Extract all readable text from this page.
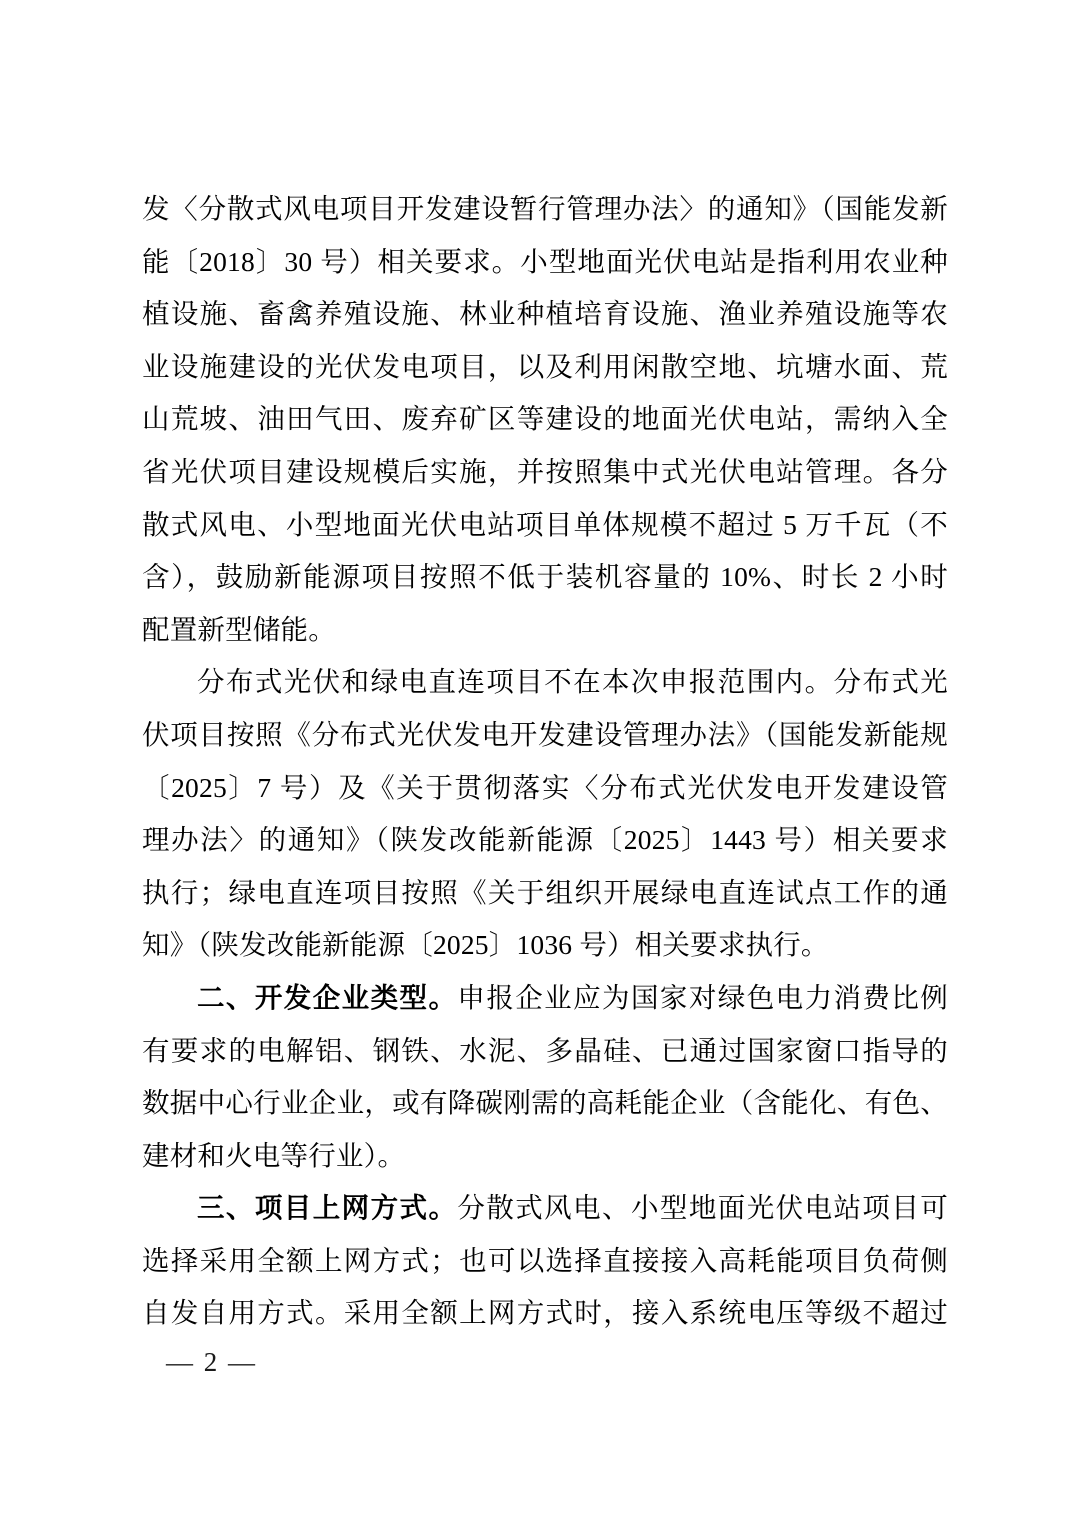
发〈分散式风电项目开发建设暂行管理办法〉的通知》（国能发新
能〔2018〕30 号）相关要求。小型地面光伏电站是指利用农业种
植设施、畜禽养殖设施、林业种植培育设施、渔业养殖设施等农
业设施建设的光伏发电项目，以及利用闲散空地、坑塘水面、荒
山荒坡、油田气田、废弃矿区等建设的地面光伏电站，需纳入全
省光伏项目建设规模后实施，并按照集中式光伏电站管理。各分
散式风电、小型地面光伏电站项目单体规模不超过 5 万千瓦（不
含），鼓励新能源项目按照不低于装机容量的 10%、时长 2 小时
配置新型储能。
分布式光伏和绿电直连项目不在本次申报范围内。分布式光
伏项目按照《分布式光伏发电开发建设管理办法》（国能发新能规
〔2025〕7 号）及《关于贯彻落实〈分布式光伏发电开发建设管
理办法〉的通知》（陕发改能新能源〔2025〕1443 号）相关要求
执行；绿电直连项目按照《关于组织开展绿电直连试点工作的通
知》（陕发改能新能源〔2025〕1036 号）相关要求执行。
二、开发企业类型。申报企业应为国家对绿色电力消费比例
有要求的电解铝、钢铁、水泥、多晶硅、已通过国家窗口指导的
数据中心行业企业，或有降碳刚需的高耗能企业（含能化、有色、
建材和火电等行业）。
三、项目上网方式。分散式风电、小型地面光伏电站项目可
选择采用全额上网方式；也可以选择直接接入高耗能项目负荷侧
自发自用方式。采用全额上网方式时，接入系统电压等级不超过
— 2 —
